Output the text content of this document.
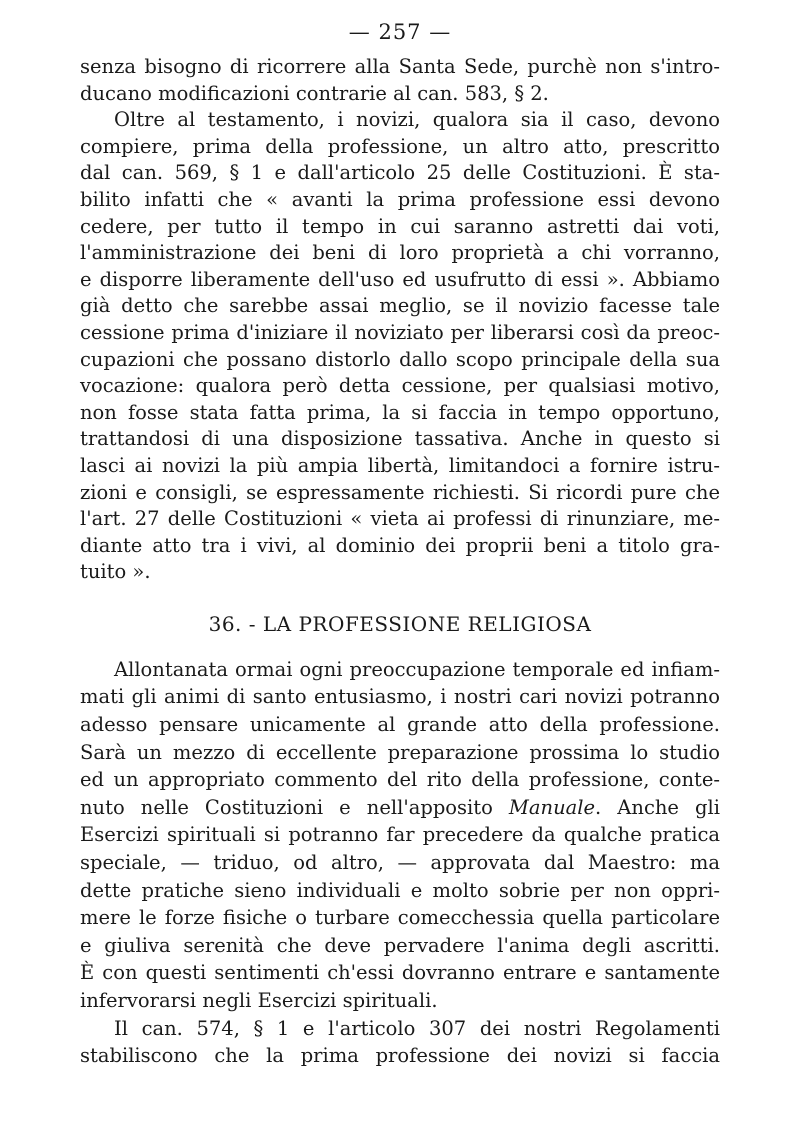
— 257 —
senza bisogno di ricorrere alla Santa Sede, purchè non s'intro-
ducano modificazioni contrarie al can. 583, § 2.
Oltre al testamento, i novizi, qualora sia il caso, devono
compiere, prima della professione, un altro atto, prescritto
dal can. 569, § 1 e dall'articolo 25 delle Costituzioni. È sta-
bilito infatti che « avanti la prima professione essi devono
cedere, per tutto il tempo in cui saranno astretti dai voti,
l'amministrazione dei beni di loro proprietà a chi vorranno,
e disporre liberamente dell'uso ed usufrutto di essi ». Abbiamo
già detto che sarebbe assai meglio, se il novizio facesse tale
cessione prima d'iniziare il noviziato per liberarsi così da preoc-
cupazioni che possano distorlo dallo scopo principale della sua
vocazione: qualora però detta cessione, per qualsiasi motivo,
non fosse stata fatta prima, la si faccia in tempo opportuno,
trattandosi di una disposizione tassativa. Anche in questo si
lasci ai novizi la più ampia libertà, limitandoci a fornire istru-
zioni e consigli, se espressamente richiesti. Si ricordi pure che
l'art. 27 delle Costituzioni « vieta ai professi di rinunziare, me-
diante atto tra i vivi, al dominio dei proprii beni a titolo gra-
tuito ».
36. - LA PROFESSIONE RELIGIOSA
Allontanata ormai ogni preoccupazione temporale ed infiam-
mati gli animi di santo entusiasmo, i nostri cari novizi potranno
adesso pensare unicamente al grande atto della professione.
Sarà un mezzo di eccellente preparazione prossima lo studio
ed un appropriato commento del rito della professione, conte-
nuto nelle Costituzioni e nell'apposito Manuale. Anche gli
Esercizi spirituali si potranno far precedere da qualche pratica
speciale, — triduo, od altro, — approvata dal Maestro: ma
dette pratiche sieno individuali e molto sobrie per non oppri-
mere le forze fisiche o turbare comecchessia quella particolare
e giuliva serenità che deve pervadere l'anima degli ascritti.
È con questi sentimenti ch'essi dovranno entrare e santamente
infervorarsi negli Esercizi spirituali.
Il can. 574, § 1 e l'articolo 307 dei nostri Regolamenti
stabiliscono che la prima professione dei novizi si faccia
